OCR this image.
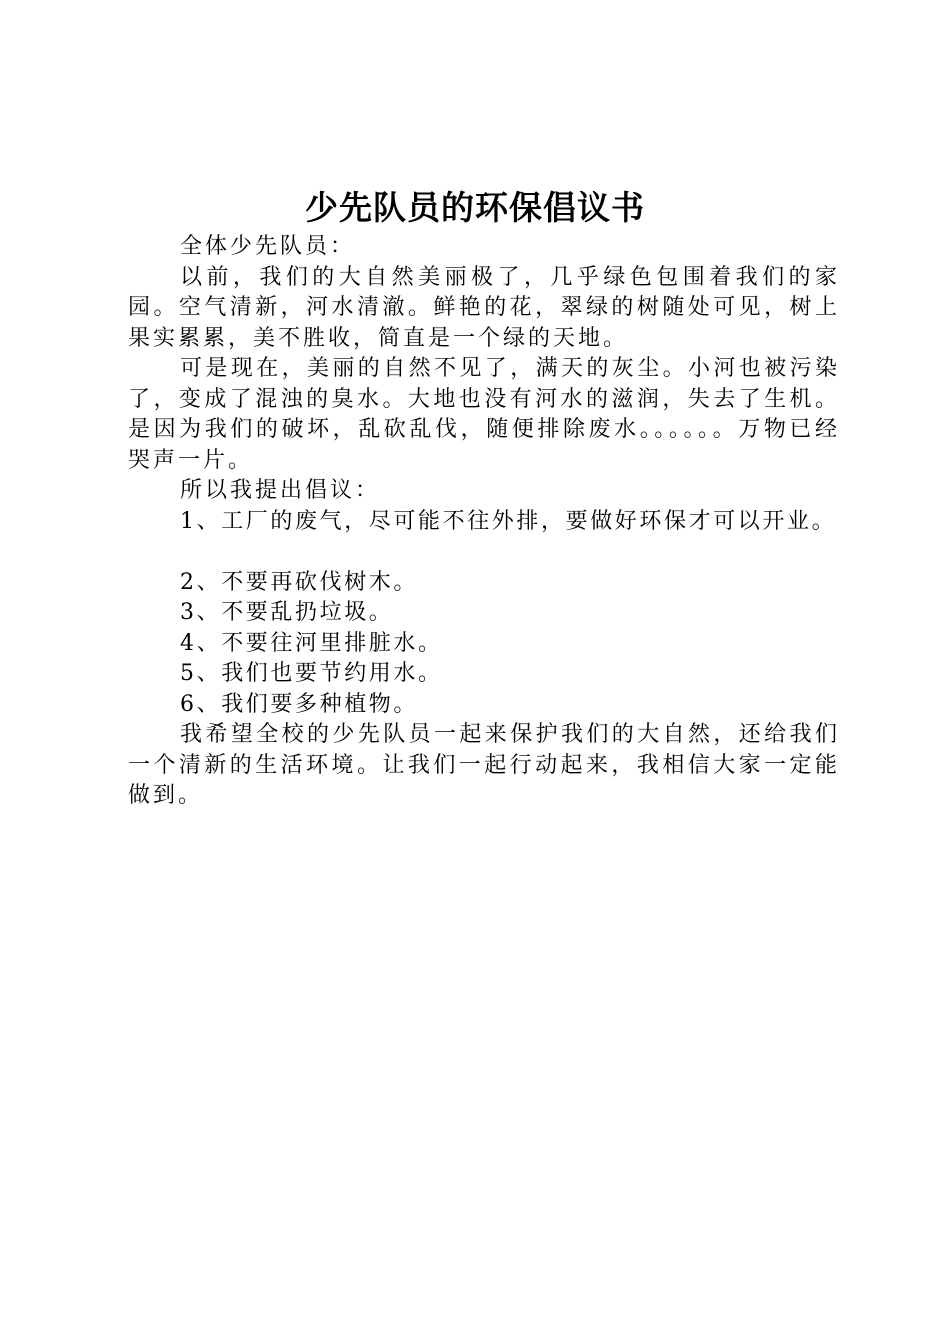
少先队员的环保倡议书

全体少先队员：

以前，我们的大自然美丽极了，几乎绿色包围着我们的家园。空气清新，河水清澈。鲜艳的花，翠绿的树随处可见，树上果实累累，美不胜收，简直是一个绿的天地。

可是现在，美丽的自然不见了，满天的灰尘。小河也被污染了，变成了混浊的臭水。大地也没有河水的滋润，失去了生机。是因为我们的破坏，乱砍乱伐，随便排除废水。。。。。。万物已经哭声一片。

所以我提出倡议：

1、工厂的废气，尽可能不往外排，要做好环保才可以开业。

2、不要再砍伐树木。

3、不要乱扔垃圾。

4、不要往河里排脏水。

5、我们也要节约用水。

6、我们要多种植物。

我希望全校的少先队员一起来保护我们的大自然，还给我们一个清新的生活环境。让我们一起行动起来，我相信大家一定能做到。
